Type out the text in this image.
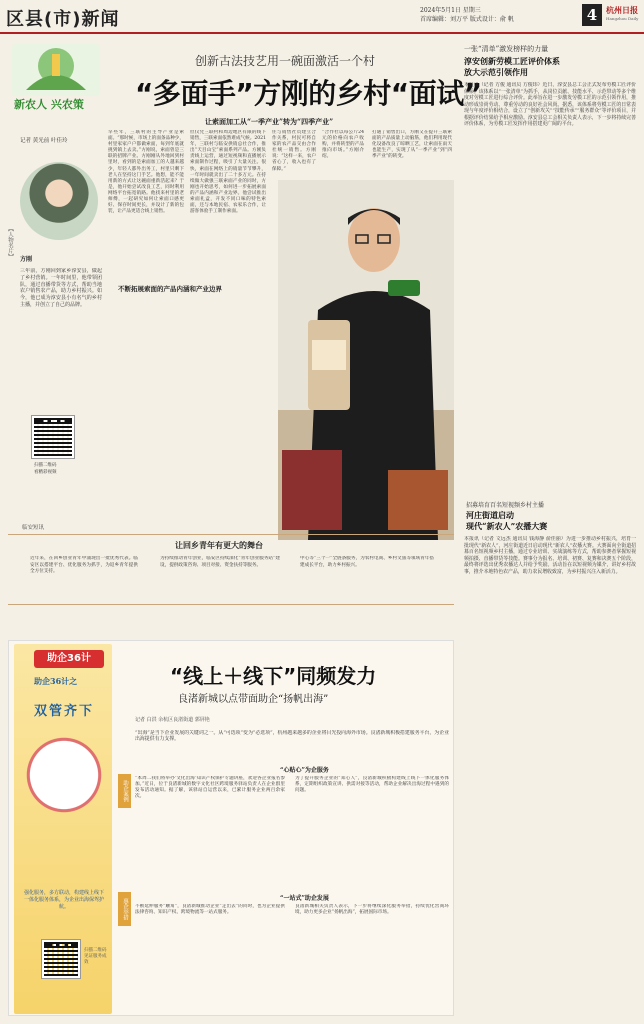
区县(市)新闻	2024年5月1日 星期三
首席编辑：刘万平 版式设计：俞 帆	4	杭州日报
Hangzhou Daily
新农人 兴农策
创新古法技艺用一碗面激活一个村
“多面手”方刚的乡村“面试”
记者 黄光前 叶佳玲
【人物名片】
方刚
三年前，方刚回到家乡淳安县，做起了乡村营销。一年时间里，他带领团队，通过直播带货等方式，帮助当地农户销售农产品，助力乡村振兴。如今，他已成为淳安县小有名气的乡村主播，并创立了自己的品牌。
扫描二维码
看精彩视频
让索面加工从“一季产业”转为“四季产业”
早些年，三联村的主导产业是索面。“那时候，市场上的面条品种少，村里家家户户都做索面，每到年底就挑到镇上去卖。”方刚说，索面曾是三联的招牌产业。方刚刚从外地回到村里时，看到的是索面加工的人越来越少，年轻人都外出务工，村里只剩下老人在坚持这门手艺。他想，能不能用新的方式让这碗面重新活起来？于是，他开始尝试改良工艺，同时利用网络平台拓宽销路。他找来村里的老师傅，一起研究如何让索面口感更好、保存时间更长，并设计了新的包装，让产品更适合线上销售。
但仅凭三联村和周边地区有限的线下销售，三联索面依然难成气候。2021年，三联村与临安供销总社合作，推出“天目山宝”索面系列产品。方刚负责线上运营，通过短视频和直播展示索面制作过程，吸引了大量关注。很快，索面在网络上的销量节节攀升，一年时间就卖出了二十多万元。在持续做大做强三联索面产业的同时，方刚也开始思考，如何进一步拓展索面的产品内涵和产业边界。他尝试推出索面礼盒，开发不同口味的特色索面，还与本地民宿、农家乐合作，让游客体验手工制作索面。
住与销售社员建立合作关系，村民可将自家的农产品交由合作社统一销售。方刚说：“这样一来，农户省心了，收入也有了保障。”
“合作社以每公斤24元的价格向农户收购，并将转型的产品推向市场。”方刚介绍。
打通了销售出口，方刚又在提升三联索面的产品质量上动脑筋，他们利用现代化设备改良了晾晒工艺，让索面在雨天也能生产，实现了从“一季产业”到“四季产业”的转变。
不断拓展索面的产品内涵和产业边界
一张“清单”激发榜样的力量
淳安创新劳模工匠评价体系
放大示范引领作用
本报讯（记者 方俊 通讯员 方俊玮）近日，淳安县总工会正式发布劳模工匠评价体系。该体系以“一张清单”为抓手，从岗位贡献、技能水平、示范带动等多个维度对劳模工匠进行综合评价。此举旨在进一步激发劳模工匠的示范引领作用，推动形成崇尚劳动、尊重劳动的良好社会风尚。据悉，该体系将劳模工匠的日常表现与年度评价相结合，设立了“创新攻关”“技能传承”“服务群众”等评价项目，并根据评价结果给予相应激励。淳安县总工会相关负责人表示，下一步将持续完善评价体系，为劳模工匠发挥作用搭建更广阔的平台。
招募培育百名短视频乡村主播
河庄街道启动
现代“新农人”农播大赛
本报讯（记者 文远杰 通讯员 钱海静 俞佳丽）为进一步推动乡村振兴，培育一批现代“新农人”，河庄街道近日启动现代“新农人”农播大赛。大赛面向全街道招募百名短视频乡村主播，通过专业培训、实战演练等方式，帮助参赛者掌握短视频拍摄、直播带货等技能。赛事分为报名、培训、初赛、复赛和决赛五个阶段，最终将评选出优秀农播达人并给予奖励。活动旨在以短视频为媒介，讲好乡村故事，推介本地特色农产品，助力农民增收致富，为乡村振兴注入新活力。
临安短讯
让回乡青年有更大的舞台
近年来，在回乡创业青年中涌现出一批优秀代表。临安区以搭建平台、优化服务为抓手，为返乡青年提供全方位支持。
为持续推动青年创业，临安区持续深化“青年创业服务站”建设，提供政策咨询、项目对接、资金扶持等服务。
中心等“三个一”全链条服务，为农村电商、乡村文旅等领域青年搭建成长平台，助力乡村振兴。
助企36计
助企36计之
双管齐下
强化服务，多方联动，构建线上线下一体化服务体系，为企业出海保驾护航。
扫描二维码
见证服务成效
助企案例
惠企举措
“线上＋线下”同频发力
良渚新城以点带面助企“扬帆出海”
记者 白洪 余杭区良渚街道 郭屏艳
“出海”是当下企业发展的关键词之一。从“可选项”变为“必选项”，杭州越来越多的企业将目光投向海外市场。良渚新城积极搭建服务平台，为企业出海提供有力支撑。
“心贴心”为企服务
“本周二我们将举办‘文化出海’知识产权保护专题讲座，欢迎各企业报名参加。”近日，位于良渚新城的数字文化社区跨境服务驿站负责人在企业群里发布活动通知。据了解，该驿站自运营以来，已累计服务企业两百余家次。
为了提升服务企业的“知心人”，良渚新城积极构建线上线下一体化服务体系，定期组织政策宣讲、供需对接等活动，帮助企业解决出海过程中遇到的问题。
“一站式”助企发展
不断延伸服务“触角”，良渚新城推动企业“走出去”的同时，也为企业提供法律咨询、知识产权、跨境物流等一站式服务。
良渚新城相关负责人表示，下一步将继续深化服务举措，持续优化营商环境，助力更多企业“扬帆出海”，拓展国际市场。
